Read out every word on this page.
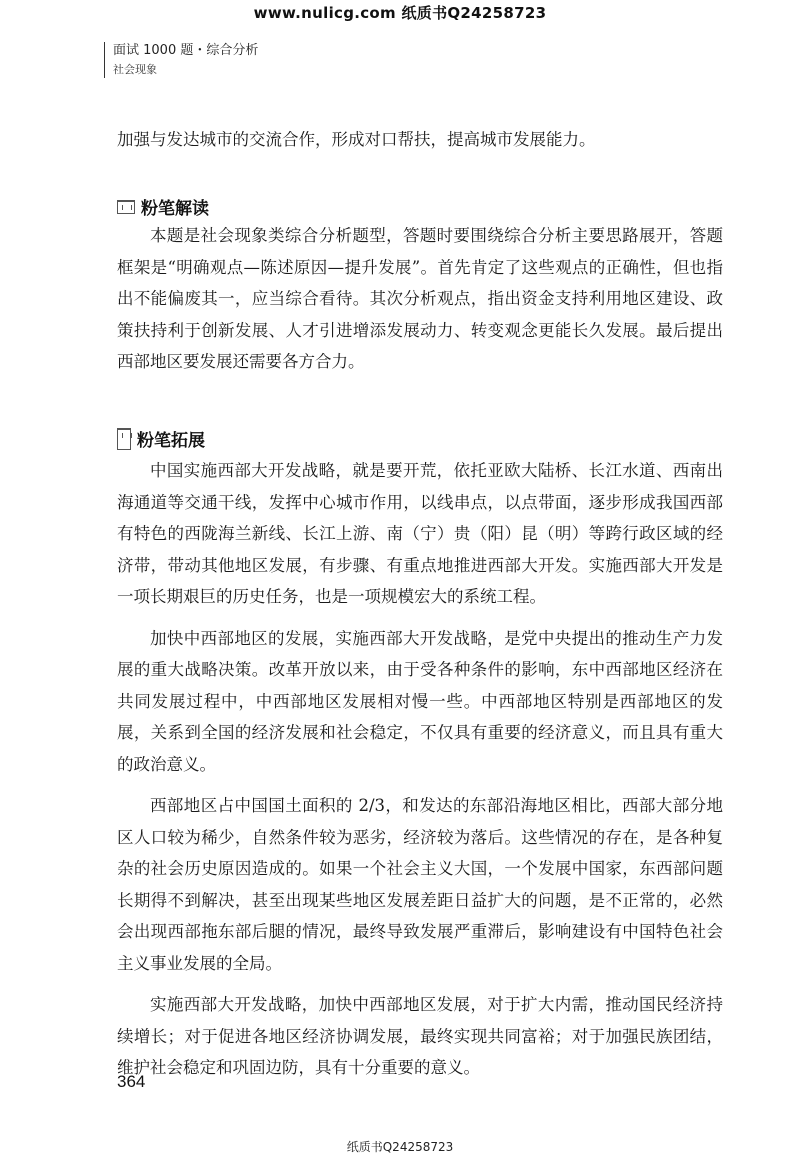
www.nulicg.com 纸质书Q24258723
面试 1000 题・综合分析
社会现象

加强与发达城市的交流合作，形成对口帮扶，提高城市发展能力。

粉笔解读

本题是社会现象类综合分析题型，答题时要围绕综合分析主要思路展开，答题框架是“明确观点—陈述原因—提升发展”。首先肯定了这些观点的正确性，但也指出不能偏废其一，应当综合看待。其次分析观点，指出资金支持利用地区建设、政策扶持利于创新发展、人才引进增添发展动力、转变观念更能长久发展。最后提出西部地区要发展还需要各方合力。

粉笔拓展

中国实施西部大开发战略，就是要开荒，依托亚欧大陆桥、长江水道、西南出海通道等交通干线，发挥中心城市作用，以线串点，以点带面，逐步形成我国西部有特色的西陇海兰新线、长江上游、南（宁）贵（阳）昆（明）等跨行政区域的经济带，带动其他地区发展，有步骤、有重点地推进西部大开发。实施西部大开发是一项长期艰巨的历史任务，也是一项规模宏大的系统工程。

加快中西部地区的发展，实施西部大开发战略，是党中央提出的推动生产力发展的重大战略决策。改革开放以来，由于受各种条件的影响，东中西部地区经济在共同发展过程中，中西部地区发展相对慢一些。中西部地区特别是西部地区的发展，关系到全国的经济发展和社会稳定，不仅具有重要的经济意义，而且具有重大的政治意义。

西部地区占中国国土面积的 2/3，和发达的东部沿海地区相比，西部大部分地区人口较为稀少，自然条件较为恶劣，经济较为落后。这些情况的存在，是各种复杂的社会历史原因造成的。如果一个社会主义大国，一个发展中国家，东西部问题长期得不到解决，甚至出现某些地区发展差距日益扩大的问题，是不正常的，必然会出现西部拖东部后腿的情况，最终导致发展严重滞后，影响建设有中国特色社会主义事业发展的全局。

实施西部大开发战略，加快中西部地区发展，对于扩大内需，推动国民经济持续增长；对于促进各地区经济协调发展，最终实现共同富裕；对于加强民族团结，维护社会稳定和巩固边防，具有十分重要的意义。

364
纸质书Q24258723
